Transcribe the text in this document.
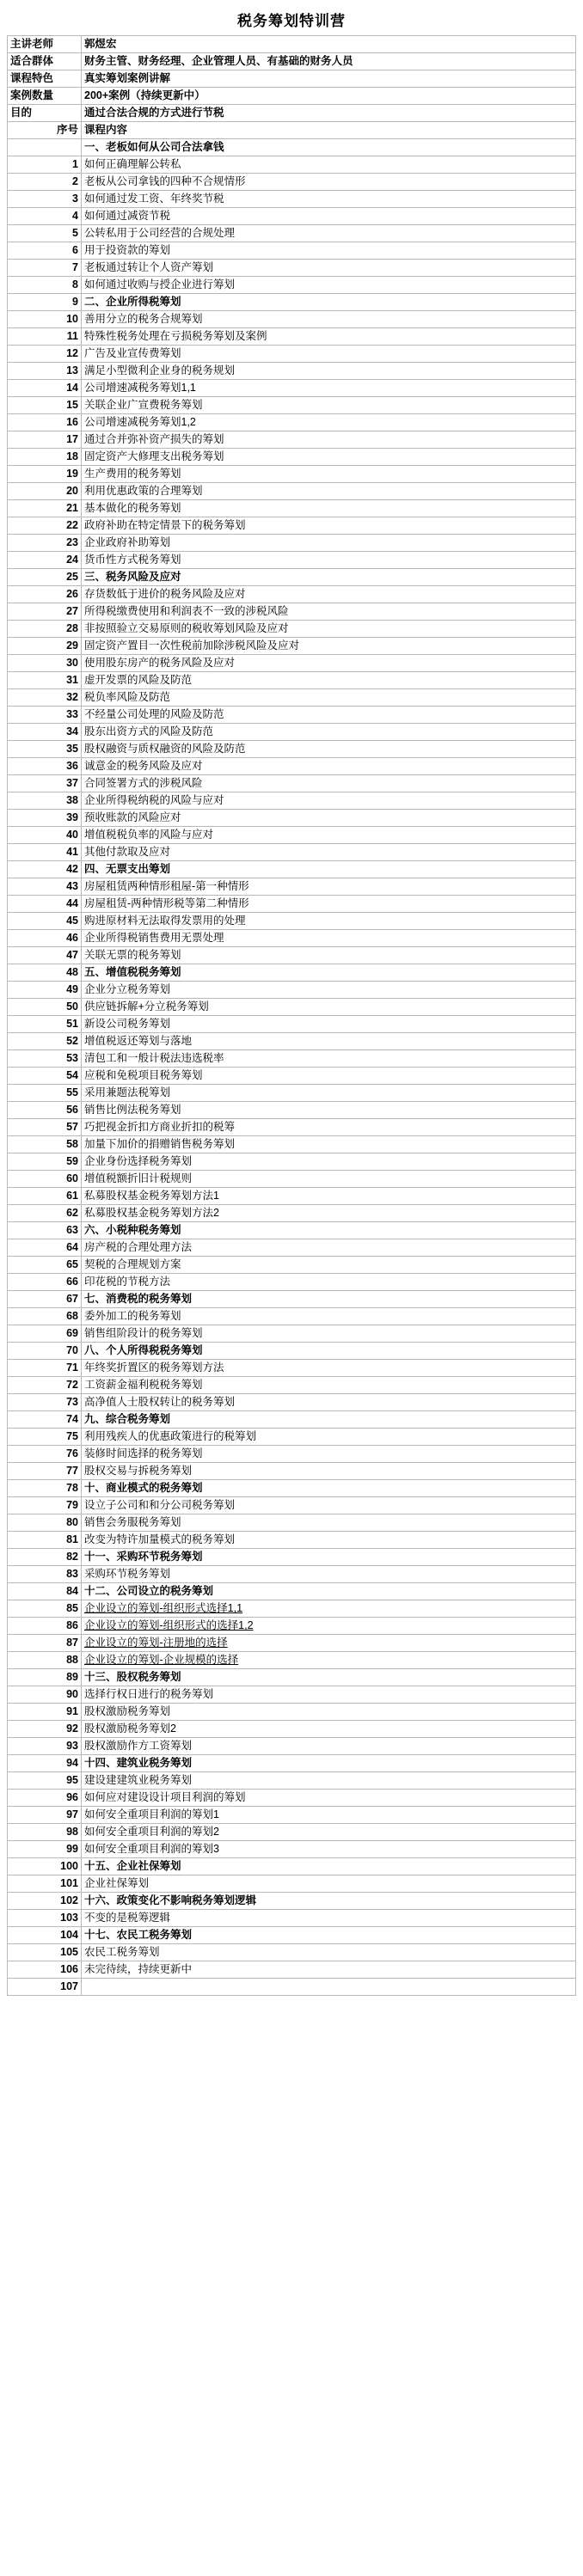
税务筹划特训营
主讲老师	郭煜宏
适合群体	财务主管、财务经理、企业管理人员、有基础的财务人员
课程特色	真实筹划案例讲解
案例数量	200+案例（持续更新中）
目的	通过合法合规的方式进行节税
序号	课程内容
	一、老板如何从公司合法拿钱
1	如何正确理解公转私
2	老板从公司拿钱的四种不合规情形
3	如何通过发工资、年终奖节税
4	如何通过减资节税
5	公转私用于公司经营的合规处理
6	用于投资款的筹划
7	老板通过转让个人资产筹划
8	如何通过收购与授企业进行筹划
9	二、企业所得税筹划
10	善用分立的税务合规筹划
11	特殊性税务处理在亏损税务筹划及案例
12	广告及业宣传费筹划
13	满足小型微利企业身的税务规划
14	公司增速减税务筹划1,1
15	关联企业广宣费税务筹划
16	公司增速减税务筹划1,2
17	通过合并弥补资产损失的筹划
18	固定资产大修理支出税务筹划
19	生产费用的税务筹划
20	利用优惠政策的合理筹划
21	基本做化的税务筹划
22	政府补助在特定情景下的税务筹划
23	企业政府补助筹划
24	货币性方式税务筹划
25	三、税务风险及应对
26	存货数低于进价的税务风险及应对
27	所得税缴费使用和利润表不一致的涉税风险
28	非按照验立交易原则的税收筹划风险及应对
29	固定资产置目一次性税前加除涉税风险及应对
30	使用股东房产的税务风险及应对
31	虚开发票的风险及防范
32	税负率风险及防范
33	不经量公司处理的风险及防范
34	股东出资方式的风险及防范
35	股权融资与质权融资的风险及防范
36	诚意金的税务风险及应对
37	合同签署方式的涉税风险
38	企业所得税纳税的风险与应对
39	预收账款的风险应对
40	增值税税负率的风险与应对
41	其他付款取及应对
42	四、无票支出筹划
43	房屋租赁两种情形租屋-第一种情形
44	房屋租赁-两种情形税等第二种情形
45	购进原材料无法取得发票用的处理
46	企业所得税销售费用无票处理
47	关联无票的税务筹划
48	五、增值税税务筹划
49	企业分立税务筹划
50	供应链拆解+分立税务筹划
51	新设公司税务筹划
52	增值税返还筹划与落地
53	清包工和一般计税法违选税率
54	应税和免税项目税务筹划
55	采用兼题法税筹划
56	销售比例法税务筹划
57	巧把视金折扣方商业折扣的税筹
58	加量下加价的捐赠销售税务筹划
59	企业身份选择税务筹划
60	增值税额折旧计税规则
61	私募股权基金税务筹划方法1
62	私募股权基金税务筹划方法2
63	六、小税种税务筹划
64	房产税的合理处理方法
65	契税的合理规划方案
66	印花税的节税方法
67	七、消费税的税务筹划
68	委外加工的税务筹划
69	销售组阶段计的税务筹划
70	八、个人所得税税务筹划
71	年终奖折置区的税务筹划方法
72	工资薪金福利税税务筹划
73	高净值人士股权转让的税务筹划
74	九、综合税务筹划
75	利用残疾人的优惠政策进行的税筹划
76	装修时间选择的税务筹划
77	股权交易与拆税务筹划
78	十、商业模式的税务筹划
79	设立子公司和和分公司税务筹划
80	销售会务服税务筹划
81	改变为特许加量模式的税务筹划
82	十一、采购环节税务筹划
83	采购环节税务筹划
84	十二、公司设立的税务筹划
85	企业设立的筹划-组织形式选择1,1
86	企业设立的筹划-组织形式的选择1,2
87	企业设立的筹划-注册地的选择
88	企业设立的筹划-企业规模的选择
89	十三、股权税务筹划
90	选择行权日进行的税务筹划
91	股权激励税务筹划
92	股权激励税务筹划2
93	股权激励作方工资筹划
94	十四、建筑业税务筹划
95	建设建建筑业税务筹划
96	如何应对建设设计项目利润的筹划
97	如何安全重项目利润的筹划1
98	如何安全重项目利润的筹划2
99	如何安全重项目利润的筹划3
100	十五、企业社保筹划
101	企业社保筹划
102	十六、政策变化不影响税务筹划逻辑
103	不变的是税筹逻辑
104	十七、农民工税务筹划
105	农民工税务筹划
106	未完待续，持续更新中
107	
